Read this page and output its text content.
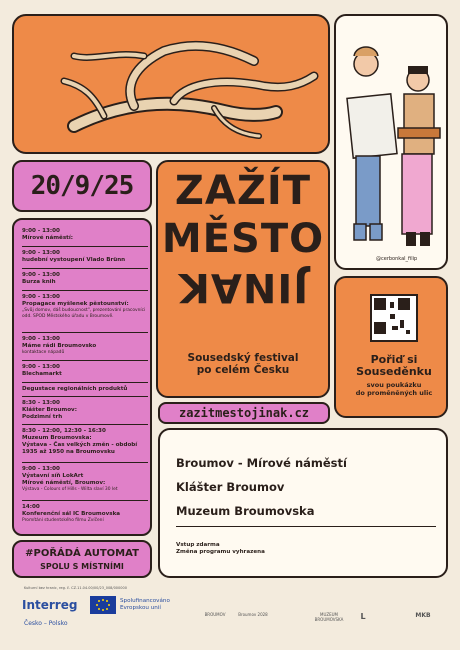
@cerbonkal_filip
20/9/25	ZAŽÍT
MĚSTO
JINAK
Sousedský festival
po celém Česku
9:00 - 13:00
Mírové náměstí:
9:00 - 13:00
hudební vystoupení Vlado Brünn
9:00 - 13:00
Burza knih
9:00 - 13:00
Propagace myšlenek pěstounství:
„Svůj domov, dáš budoucnost", prezentování pracovníci odd. SPOD Městského úřadu v Broumově.
9:00 - 13:00
Máme rádi Broumovsko
kontaktace nápadů
9:00 - 13:00
Blechamarkt
Degustace regionálních produktů
8:30 - 13:00
Klášter Broumov:
Podzimní trh
8:30 - 12:00, 12:30 - 16:30
Muzeum Broumovska:
Výstava - Čas velkých změn - období 1935 až 1950 na Broumovsku
9:00 - 13:00
Výstavní síň LokArt
Mírové náměstí, Broumov:
Výstava - Colours of Hills - Wilta slaví 30 let
14:00
Konferenční sál IC Broumovska
Promítání studentského filmu Zvíčení
zazitmestojinak.cz
Pořiď si
Souseděnku
svou poukázku
do proměněných ulic
Broumov - Mírové náměstí
Klášter Broumov
Muzeum Broumovska
Vstup zdarma
Změna programu vyhrazena
#POŘÁDÁ AUTOMAT
SPOLU S MÍSTNÍMI
Kulturní bez hranic, reg. č. CZ.11.04.00/00/23_008/000000
Interreg	Spolufinancováno
Evropskou unií
Česko – Polsko
BROUMOV	Broumov 2028	MUZEUM BROUMOVSKA	L	MKB
